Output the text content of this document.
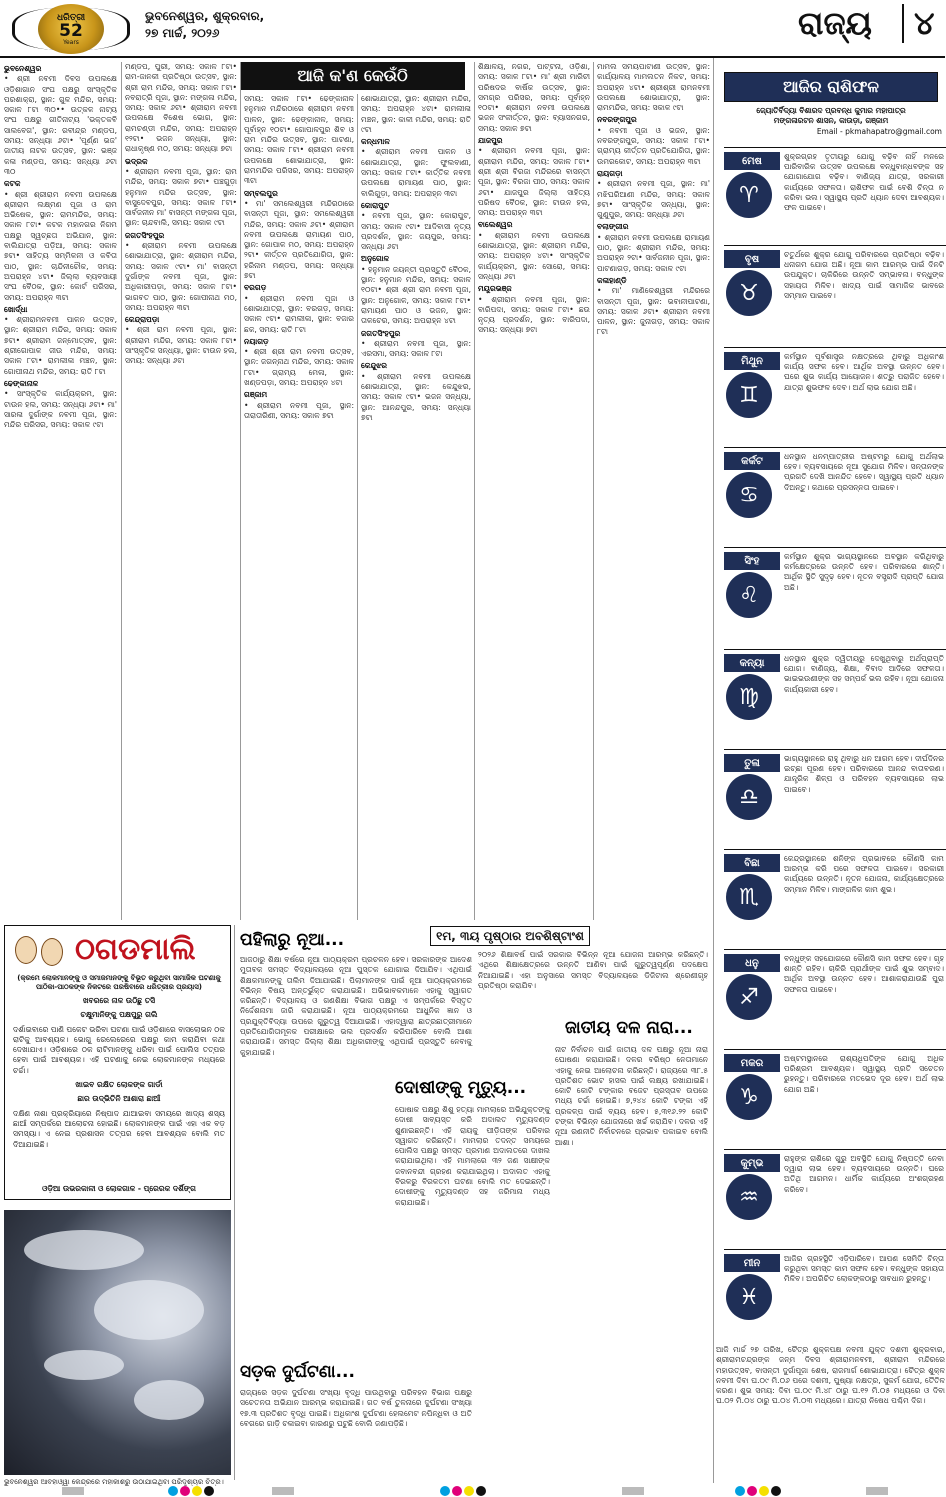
ଧରିତ୍ରୀ
52
Years
ଭୁବନେଶ୍ୱର, ଶୁକ୍ରବାର,
୨୭ ମାର୍ଚ୍ଚ, ୨୦୨୬	ରାଜ୍ୟ	୪
ଆଜି କ'ଣ କେଉଁଠି
ଭୁବନେଶ୍ୱର
• ଶ୍ରୀ ନବମୀ ଦିବସ ଉପଲକ୍ଷେ ଓଡ଼ିଶାଗାନ ସଂଘ ପକ୍ଷରୁ ସାଂସ୍କୃତିକ ପରଶାକ୍ରା, ସ୍ଥାନ: ଗୁଳ ମନ୍ଦିର, ସମୟ: ସକାଳ ୮ଟା ୩୦•• ଉତ୍କଳ ନାଟ୍ୟ ସଂଘ ପକ୍ଷରୁ ଗୀତିନାଟ୍ୟ 'ଭକ୍ତକବି ସାଲବେଗ', ସ୍ଥାନ: ରବୀନ୍ଦ୍ର ମଣ୍ଡପ, ସମୟ: ସନ୍ଧ୍ୟା ୬ଟା• 'ପୂର୍ଣ୍ଣ ଭଜ' ଜାତୀୟ ନାଟକ ଉତ୍ସବ, ସ୍ଥାନ: ଭଞ୍ଜ କଳା ମଣ୍ଡପ, ସମୟ: ସନ୍ଧ୍ୟା ୬ଟା ୩୦
କଟକ
• ଶ୍ରୀ ଶ୍ରୀରାମ ନବମୀ ଉପଲକ୍ଷେ ଶ୍ରୀରାମ ଲକ୍ଷ୍ମଣ ପୂଜା ଓ ରାମ ଅଭିଷେକ, ସ୍ଥାନ: ରାମମନ୍ଦିର, ସମୟ: ସକାଳ ୮ଟା• କଟକ ମହାନଗର ନିଗମ ପକ୍ଷରୁ ସ୍ୱଚ୍ଛତା ଅଭିଯାନ, ସ୍ଥାନ: ବାଲିଯାତ୍ରା ପଡ଼ିଆ, ସମୟ: ସକାଳ ୭ଟା• ସାହିତ୍ୟ ସମ୍ମିଳନୀ ଓ କବିତା ପାଠ, ସ୍ଥାନ: ଚାନ୍ଦିନୀଚୌକ, ସମୟ: ଅପରାହ୍ନ ୪ଟା• ଜିଲ୍ଲା ବ୍ୟବସାୟୀ ସଂଘ ବୈଠକ, ସ୍ଥାନ: କୋର୍ଟ ପରିସର, ସମୟ: ଅପରାହ୍ନ ୩ଟା
ଖୋର୍ଦ୍ଧା
• ଶ୍ରୀରାମନବମୀ ପାଳନ ଉତ୍ସବ, ସ୍ଥାନ: ଶ୍ରୀରାମ ମନ୍ଦିର, ସମୟ: ସକାଳ ୭ଟା• ଶ୍ରୀରାମ ଜନ୍ମୋତ୍ସବ, ସ୍ଥାନ: ଶ୍ରୀଗୋପାଳ ଜୀଉ ମନ୍ଦିର, ସମୟ: ସକାଳ ୮ଟା• ରାମଲୀଳା ମଞ୍ଚନ, ସ୍ଥାନ: ଗୋପୀନାଥ ମନ୍ଦିର, ସମୟ: ରାତି ୮ଟା
ଢେଙ୍କାନାଳ
• ସାଂସ୍କୃତିକ କାର୍ଯ୍ୟକ୍ରମ, ସ୍ଥାନ: ଟାଉନ ହଲ, ସମୟ: ସନ୍ଧ୍ୟା ୬ଟା• ମା' ସାରଳା ଦୁର୍ଗାଙ୍କ ନବମୀ ପୂଜା, ସ୍ଥାନ: ମନ୍ଦିର ପରିସର, ସମୟ: ସକାଳ ୯ଟା
ମଣ୍ଡପ, ପୁରୀ, ସମୟ: ସକାଳ ୮ଟା• ରାମ-ଜାନକୀ ପ୍ରତିଷ୍ଠା ଉତ୍ସବ, ସ୍ଥାନ: ଶ୍ରୀ ରାମ ମନ୍ଦିର, ସମୟ: ସକାଳ ୮ଟା• ନବରାତ୍ରି ପୂଜା, ସ୍ଥାନ: ମଙ୍ଗଳା ମନ୍ଦିର, ସମୟ: ସକାଳ ୬ଟା• ଶ୍ରୀରାମ ନବମୀ ଉପଲକ୍ଷେ ବିଶେଷ ଭୋଗ, ସ୍ଥାନ: ରାମଚଣ୍ଡୀ ମନ୍ଦିର, ସମୟ: ଅପରାହ୍ନ ୧୨ଟା• ଭଜନ ସନ୍ଧ୍ୟା, ସ୍ଥାନ: ରାଧାକୃଷ୍ଣ ମଠ, ସମୟ: ସନ୍ଧ୍ୟା ୭ଟା
ଭଦ୍ରକ
• ଶ୍ରୀରାମ ନବମୀ ପୂଜା, ସ୍ଥାନ: ରାମ ମନ୍ଦିର, ସମୟ: ସକାଳ ୭ଟା• ପଞ୍ଚଗୁଡ଼ା ହନୁମାନ ମନ୍ଦିର ଉତ୍ସବ, ସ୍ଥାନ: ବାସୁଦେବପୁର, ସମୟ: ସକାଳ ୮ଟା• ସାର୍ବଜନୀନ ମା' ବାସନ୍ତୀ ମଙ୍ଗଳା ପୂଜା, ସ୍ଥାନ: ଚାନ୍ଦବାଲି, ସମୟ: ସକାଳ ୯ଟା
ଜଗତସିଂହପୁର
• ଶ୍ରୀରାମ ନବମୀ ଉପଲକ୍ଷେ ଶୋଭାଯାତ୍ରା, ସ୍ଥାନ: ଶ୍ରୀରାମ ମନ୍ଦିର, ସମୟ: ସକାଳ ୯ଟା• ମା' ବାସନ୍ତୀ ଦୁର୍ଗାଙ୍କ ନବମୀ ପୂଜା, ସ୍ଥାନ: ଅଧିକାରୀପଡ଼ା, ସମୟ: ସକାଳ ୮ଟା• ଭାଗବତ ପାଠ, ସ୍ଥାନ: ଗୋପୀନାଥ ମଠ, ସମୟ: ଅପରାହ୍ନ ୩ଟା
କେନ୍ଦ୍ରାପଡ଼ା
• ଶ୍ରୀ ରାମ ନବମୀ ପୂଜା, ସ୍ଥାନ: ଶ୍ରୀରାମ ମନ୍ଦିର, ସମୟ: ସକାଳ ୮ଟା• ସାଂସ୍କୃତିକ ସନ୍ଧ୍ୟା, ସ୍ଥାନ: ଟାଉନ ହଲ, ସମୟ: ସନ୍ଧ୍ୟା ୬ଟା
ସମୟ: ସକାଳ ୮ଟା• ଢେଙ୍କାନାଳ ହନୁମାନ ମନ୍ଦିରଠାରେ ଶ୍ରୀରାମ ନବମୀ ପାଳନ, ସ୍ଥାନ: ଢେଙ୍କାନାଳ, ସମୟ: ପୂର୍ବାହ୍ନ ୧୦ଟା• ଗୋପାଳପୁର ଶିବ ଓ ରାମ ମନ୍ଦିର ଉତ୍ସବ, ସ୍ଥାନ: ପାଟଣା, ସମୟ: ସକାଳ ୮ଟା• ଶ୍ରୀରାମ ନବମୀ ଉପଲକ୍ଷେ ଶୋଭାଯାତ୍ରା, ସ୍ଥାନ: ରାମମନ୍ଦିର ପରିସର, ସମୟ: ଅପରାହ୍ନ ୩ଟା
ସମ୍ବଲପୁର
• ମା' ସମଲେଶ୍ୱରୀ ମନ୍ଦିରଠାରେ ବାସନ୍ତୀ ପୂଜା, ସ୍ଥାନ: ସମଲେଶ୍ୱରୀ ମନ୍ଦିର, ସମୟ: ସକାଳ ୬ଟା• ଶ୍ରୀରାମ ନବମୀ ଉପଲକ୍ଷେ ରାମାୟଣ ପାଠ, ସ୍ଥାନ: ଗୋପାଳ ମଠ, ସମୟ: ଅପରାହ୍ନ ୨ଟା• କୀର୍ତ୍ତନ ପ୍ରତିଯୋଗିତା, ସ୍ଥାନ: ହରିନାମ ମଣ୍ଡପ, ସମୟ: ସନ୍ଧ୍ୟା ୭ଟା
ବରଗଡ଼
• ଶ୍ରୀରାମ ନବମୀ ପୂଜା ଓ ଶୋଭାଯାତ୍ରା, ସ୍ଥାନ: ବରଗଡ଼, ସମୟ: ସକାଳ ୯ଟା• ରାମଲୀଳା, ସ୍ଥାନ: ବଜାର ଛକ, ସମୟ: ରାତି ୮ଟା
ନୟାଗଡ଼
• ଶ୍ରୀ ଶ୍ରୀ ରାମ ନବମୀ ଉତ୍ସବ, ସ୍ଥାନ: ଜଗନ୍ନାଥ ମନ୍ଦିର, ସମୟ: ସକାଳ ୮ଟା• ଗ୍ରାମ୍ୟ ମେଳା, ସ୍ଥାନ: ଖଣ୍ଡପଡ଼ା, ସମୟ: ଅପରାହ୍ନ ୪ଟା
ଗଞ୍ଜାମ
• ଶ୍ରୀରାମ ନବମୀ ପୂଜା, ସ୍ଥାନ: ତାରାତାରିଣୀ, ସମୟ: ସକାଳ ୭ଟା
ଶୋଭାଯାତ୍ରା, ସ୍ଥାନ: ଶ୍ରୀରାମ ମନ୍ଦିର, ସମୟ: ଅପରାହ୍ନ ୪ଟା• ରାମଲୀଳା ମଞ୍ଚନ, ସ୍ଥାନ: କାଳୀ ମନ୍ଦିର, ସମୟ: ରାତି ୯ଟା
କନ୍ଧମାଳ
• ଶ୍ରୀରାମ ନବମୀ ପାଳନ ଓ ଶୋଭାଯାତ୍ରା, ସ୍ଥାନ: ଫୁଲବାଣୀ, ସମୟ: ସକାଳ ୮ଟା• କାର୍ତ୍ତିକ ନବମୀ ଉପଲକ୍ଷେ ରାମାୟଣ ପାଠ, ସ୍ଥାନ: ବାଲିଗୁଡ଼ା, ସମୟ: ଅପରାହ୍ନ ୩ଟା
କୋରାପୁଟ
• ନବମୀ ପୂଜା, ସ୍ଥାନ: କୋରାପୁଟ, ସମୟ: ସକାଳ ୯ଟା• ଆଦିବାସୀ ନୃତ୍ୟ ପ୍ରଦର୍ଶନ, ସ୍ଥାନ: ଜୟପୁର, ସମୟ: ସନ୍ଧ୍ୟା ୬ଟା
ଅନୁଗୋଳ
• ହନୁମାନ ଜୟନ୍ତୀ ପ୍ରସ୍ତୁତି ବୈଠକ, ସ୍ଥାନ: ହନୁମାନ ମନ୍ଦିର, ସମୟ: ସକାଳ ୧୦ଟା• ଶ୍ରୀ ଶ୍ରୀ ରାମ ନବମୀ ପୂଜା, ସ୍ଥାନ: ଅନୁଗୋଳ, ସମୟ: ସକାଳ ୮ଟା• ରାମାୟଣ ପାଠ ଓ ଭଜନ, ସ୍ଥାନ: ତାଳଚେର, ସମୟ: ଅପରାହ୍ନ ୪ଟା
ଜଗତସିଂହପୁର
• ଶ୍ରୀରାମ ନବମୀ ପୂଜା, ସ୍ଥାନ: ଏରସମା, ସମୟ: ସକାଳ ୮ଟା
କେନ୍ଦୁଝର
• ଶ୍ରୀରାମ ନବମୀ ଉପଲକ୍ଷେ ଶୋଭାଯାତ୍ରା, ସ୍ଥାନ: କେନ୍ଦୁଝର, ସମୟ: ସକାଳ ୯ଟା• ଭଜନ ସନ୍ଧ୍ୟା, ସ୍ଥାନ: ଆନନ୍ଦପୁର, ସମୟ: ସନ୍ଧ୍ୟା ୭ଟା
ଶିକ୍ଷାଳୟ, ନଗର, ପାଟ୍ଟନା, ଓଡ଼ିଶା, ସମୟ: ସକାଳ ୮ଟା• ମା' ଶ୍ରୀ ମାରିଚୀ ପରିଷଦର ବାର୍ଷିକ ଉତ୍ସବ, ସ୍ଥାନ: ସମଗ୍ର ପରିସର, ସମୟ: ପୂର୍ବାହ୍ନ ୧୦ଟା• ଶ୍ରୀରାମ ନବମୀ ଉପଲକ୍ଷେ ଭଜନ ସଂକୀର୍ତ୍ତନ, ସ୍ଥାନ: ବ୍ୟାସନଗର, ସମୟ: ସକାଳ ୭ଟା
ଯାଜପୁର
• ଶ୍ରୀରାମ ନବମୀ ପୂଜା, ସ୍ଥାନ: ଶ୍ରୀରାମ ମନ୍ଦିର, ସମୟ: ସକାଳ ୮ଟା• ଶ୍ରୀ ଶ୍ରୀ ବିରଜା ମନ୍ଦିରରେ ବାସନ୍ତୀ ପୂଜା, ସ୍ଥାନ: ବିରଜା ପୀଠ, ସମୟ: ସକାଳ ୬ଟା• ଯାଜପୁର ଜିଲ୍ଲା ସାହିତ୍ୟ ପରିଷଦ ବୈଠକ, ସ୍ଥାନ: ଟାଉନ ହଲ, ସମୟ: ଅପରାହ୍ନ ୩ଟା
ବାଲେଶ୍ୱର
• ଶ୍ରୀରାମ ନବମୀ ଉପଲକ୍ଷେ ଶୋଭାଯାତ୍ରା, ସ୍ଥାନ: ଶ୍ରୀରାମ ମନ୍ଦିର, ସମୟ: ଅପରାହ୍ନ ୪ଟା• ସାଂସ୍କୃତିକ କାର୍ଯ୍ୟକ୍ରମ, ସ୍ଥାନ: ସୋରୋ, ସମୟ: ସନ୍ଧ୍ୟା ୬ଟା
ମୟୂରଭଞ୍ଜ
• ଶ୍ରୀରାମ ନବମୀ ପୂଜା, ସ୍ଥାନ: ବାରିପଦା, ସମୟ: ସକାଳ ୮ଟା• ଛଉ ନୃତ୍ୟ ପ୍ରଦର୍ଶନ, ସ୍ଥାନ: ବାରିପଦା, ସମୟ: ସନ୍ଧ୍ୟା ୭ଟା
ମାମଲ ସମୟପାଟାଣୀ ଉତ୍ସବ, ସ୍ଥାନ: କାର୍ଯ୍ୟାଳୟ ମାମଲତନ ନିକଟ, ସମୟ: ଅପରାହ୍ନ ୪ଟା• ଶ୍ରୀଶ୍ରୀ ରାମନବମୀ ଉପଲକ୍ଷେ ଶୋଭାଯାତ୍ରା, ସ୍ଥାନ: ରାମମନ୍ଦିର, ସମୟ: ସକାଳ ୯ଟା
ନବରଙ୍ଗପୁର
• ନବମୀ ପୂଜା ଓ ଭଜନ, ସ୍ଥାନ: ନବରଙ୍ଗପୁର, ସମୟ: ସକାଳ ୮ଟା• ଗ୍ରାମ୍ୟ କୀର୍ତ୍ତନ ପ୍ରତିଯୋଗିତା, ସ୍ଥାନ: ଉମରକୋଟ, ସମୟ: ଅପରାହ୍ନ ୩ଟା
ରାୟଗଡ଼ା
• ଶ୍ରୀରାମ ନବମୀ ପୂଜା, ସ୍ଥାନ: ମା' ମଝିଘରିଆଣୀ ମନ୍ଦିର, ସମୟ: ସକାଳ ୭ଟା• ସାଂସ୍କୃତିକ ସନ୍ଧ୍ୟା, ସ୍ଥାନ: ଗୁଣୁପୁର, ସମୟ: ସନ୍ଧ୍ୟା ୬ଟା
ବଲାଙ୍ଗୀର
• ଶ୍ରୀରାମ ନବମୀ ଉପଲକ୍ଷେ ରାମାୟଣ ପାଠ, ସ୍ଥାନ: ଶ୍ରୀରାମ ମନ୍ଦିର, ସମୟ: ଅପରାହ୍ନ ୨ଟା• ସାର୍ବଜନୀନ ପୂଜା, ସ୍ଥାନ: ପାଟଣାଗଡ଼, ସମୟ: ସକାଳ ୯ଟା
କଳାହାଣ୍ଡି
• ମା' ମାଣିକେଶ୍ୱରୀ ମନ୍ଦିରରେ ବାସନ୍ତୀ ପୂଜା, ସ୍ଥାନ: ଭବାନୀପାଟଣା, ସମୟ: ସକାଳ ୬ଟା• ଶ୍ରୀରାମ ନବମୀ ପାଳନ, ସ୍ଥାନ: ଜୁନାଗଡ଼, ସମୟ: ସକାଳ ୮ଟା
ଠଗଡମାଲି
(କ୍ରମେ ଲୋକମାନଙ୍କୁ ଓ ସମାଜମାନଙ୍କୁ ବିଭୂତ କରୁଥିବା ସାମାଜିକ ଘଟଣାକୁ ପାଠିକା-ପାଠକଙ୍କ ନିକଟରେ ପରଷିବାରେ ଧରିତ୍ରୀର ପ୍ରୟାସ)

ଖବରରେ ନାଳ ଉଠିଛୁ ତସି

ଚକ୍ଷୁମାନିଙ୍କୁ ପକ୍ଷପୁରୁ ଗଲି

ଦର୍ଶାଇବାରେ ପାଣି ପକେଟ ଭରିବା ଘଟଣା ପାଇଁ ଓଡ଼ିଶାରେ ବାସଲୋଭନ ଠକ ରାଟିକୁ ଆବଶ୍ୟକ। ଭୋଗୁ ରେଲେରେରେ ପକ୍ଷରୁ କାମ କରାଯିବା କଥା ଦେଖାଯାଏ। ଓଡ଼ିଶାରେ ଠକ ରାଟିମାନଙ୍କୁ ଧରିବା ପାଇଁ ପୋଲିସ ତତ୍ପର ହେବା ପାଇଁ ଆବଶ୍ୟକ। ଏହି ଘଟଣାକୁ ନେଇ ଲୋକମାନଙ୍କ ମଧ୍ୟରେ ଚର୍ଚ୍ଚା।

ଖାଇବ ରକ୍ଷିତ ଲୋକଙ୍କ ଗାର୍ଡା

ଛାର ଉଦ୍ଭିତିନି ଆଶାରା ଛାଆଁ

ଦକ୍ଷିଣ ନାଶା ପ୍ରକ୍ରିୟାରେ ନିଷ୍ପାଦ ଯାଆଇବା ସମୟରେ ଖାଦ୍ୟ ଶସ୍ୟ ଛାଆଁ ସମ୍ପର୍କରେ ଆଲୋଚନା ହୋଇଛି। ଲୋକମାନଙ୍କ ପାଇଁ ଏହା ଏକ ବଡ଼ ସମସ୍ୟା। ଏ ନେଇ ପ୍ରଶାସନ ତତ୍ପର ହେବା ଆବଶ୍ୟକ ବୋଲି ମତ ଦିଆଯାଇଛି।

ଓଡ଼ିଆ ଉଭରକାଳୀ ଓ ଲୋକଗାଳ - ପ୍ରେରକ ଦର୍ଶିଙ୍ଗ
ଭୁବନେଶ୍ୱର ଆବହାଓ୍ୱା କେନ୍ଦ୍ରରେ ମହାକାଶରୁ ଉଠାଯାଇଥିବା ପରିଦୃଶ୍ୟର ଚିତ୍ର।
୧ମ, ୩ୟ ପୃଷ୍ଠାର ଅବଶିଷ୍ଟାଂଶ
୨୦୨୬ ଶିକ୍ଷାବର୍ଷ ପାଇଁ ସରକାର ବିଭିନ୍ନ ନୂଆ ଯୋଜନା ଆରମ୍ଭ କରିଛନ୍ତି। ଏଥିରେ ଶିକ୍ଷାକ୍ଷେତ୍ରରେ ଉନ୍ନତି ଆଣିବା ପାଇଁ ଗୁରୁତ୍ୱପୂର୍ଣ୍ଣ ପଦକ୍ଷେପ ନିଆଯାଇଛି। ଏହା ଅନୁସାରେ ସମସ୍ତ ବିଦ୍ୟାଳୟରେ ଡିଜିଟାଲ ଶ୍ରେଣୀଗୃହ ପ୍ରତିଷ୍ଠା କରାଯିବ।
ପହିଲାରୁ ନୂଆ...
ଆଜଠାରୁ ଶିକ୍ଷା ବର୍ଷରେ ନୂଆ ପାଠ୍ୟକ୍ରମ ପ୍ରଚଳନ ହେବ। ସରକାରଙ୍କ ଆଦେଶ ମୁତାବକ ସମସ୍ତ ବିଦ୍ୟାଳୟରେ ନୂଆ ପୁସ୍ତକ ଯୋଗାଇ ଦିଆଯିବ। ଏଥିପାଇଁ ଶିକ୍ଷକମାନଙ୍କୁ ତାଲିମ ଦିଆଯାଇଛି। ପିଲାମାନଙ୍କ ପାଇଁ ନୂଆ ପାଠ୍ୟକ୍ରମରେ ବିଭିନ୍ନ ବିଷୟ ଅନ୍ତର୍ଭୁକ୍ତ କରାଯାଇଛି। ଅଭିଭାବକମାନେ ଏହାକୁ ସ୍ୱାଗତ କରିଛନ୍ତି। ବିଦ୍ୟାଳୟ ଓ ଗଣଶିକ୍ଷା ବିଭାଗ ପକ୍ଷରୁ ଏ ସମ୍ପର୍କରେ ବିସ୍ତୃତ ନିର୍ଦ୍ଦେଶନାମା ଜାରି କରାଯାଇଛି। ନୂଆ ପାଠ୍ୟକ୍ରମରେ ଆଧୁନିକ ଜ୍ଞାନ ଓ ପ୍ରଯୁକ୍ତିବିଦ୍ୟା ଉପରେ ଗୁରୁତ୍ୱ ଦିଆଯାଇଛି। ଏହାଦ୍ୱାରା ଛାତ୍ରଛାତ୍ରୀମାନେ ପ୍ରତିଯୋଗିତାମୂଳକ ପରୀକ୍ଷାରେ ଭଲ ପ୍ରଦର୍ଶନ କରିପାରିବେ ବୋଲି ଆଶା କରାଯାଉଛି। ସମସ୍ତ ଜିଲ୍ଲା ଶିକ୍ଷା ଅଧିକାରୀଙ୍କୁ ଏଥିପାଇଁ ପ୍ରସ୍ତୁତି ନେବାକୁ କୁହାଯାଇଛି।
ସଡ଼କ ଦୁର୍ଘଟଣା...
ରାଜ୍ୟରେ ସଡ଼କ ଦୁର୍ଘଟଣା ସଂଖ୍ୟା ବୃଦ୍ଧି ପାଉଥିବାରୁ ପରିବହନ ବିଭାଗ ପକ୍ଷରୁ ସଚେତନତା ଅଭିଯାନ ଆରମ୍ଭ କରାଯାଇଛି। ଗତ ବର୍ଷ ତୁଳନାରେ ଦୁର୍ଘଟଣା ସଂଖ୍ୟା ୧୭.୩ ପ୍ରତିଶତ ବୃଦ୍ଧି ପାଇଛି। ଅଧିକାଂଶ ଦୁର୍ଘଟଣା ହେଲମେଟ ନପିନ୍ଧିବା ଓ ଅତି ବେଗରେ ଗାଡ଼ି ଚଳାଇବା କାରଣରୁ ଘଟୁଛି ବୋଲି ଜଣାପଡ଼ିଛି।
ଦୋଷୀଙ୍କୁ ମୃତ୍ୟୁ...
ପୋଷାକ ପକ୍ଷରୁ ଶିଶୁ ହତ୍ୟା ମାମଲାରେ ଅଭିଯୁକ୍ତଙ୍କୁ ଦୋଷୀ ସାବ୍ୟସ୍ତ କରି ଅଦାଲତ ମୃତ୍ୟୁଦଣ୍ଡ ଶୁଣାଇଛନ୍ତି। ଏହି ରାୟକୁ ପୀଡ଼ିତାଙ୍କ ପରିବାର ସ୍ୱାଗତ କରିଛନ୍ତି। ମାମଲାର ତଦନ୍ତ ସମୟରେ ପୋଲିସ ପକ୍ଷରୁ ସମସ୍ତ ପ୍ରମାଣ ଅଦାଲତରେ ଦାଖଲ କରାଯାଇଥିଲା। ଏହି ମାମଲାରେ ୩୨ ଜଣ ସାକ୍ଷୀଙ୍କ ଜବାନବନ୍ଦୀ ଗ୍ରହଣ କରାଯାଇଥିଲା। ଅଦାଲତ ଏହାକୁ ବିରଳରୁ ବିରଳତମ ଘଟଣା ବୋଲି ମତ ଦେଇଛନ୍ତି। ଦୋଷୀଙ୍କୁ ମୃତ୍ୟୁଦଣ୍ଡ ସହ ଜରିମାନା ମଧ୍ୟ କରାଯାଇଛି।
ଜାତୀୟ ଦଳ ନାରା...
ନାଟ ନିର୍ବାଚନ ପାଇଁ ଜାତୀୟ ଦଳ ପକ୍ଷରୁ ନୂଆ ନାରା ଘୋଷଣା କରାଯାଇଛି। ଦଳର ବରିଷ୍ଠ ନେତାମାନେ ଏହାକୁ ନେଇ ଆଲୋଚନା କରିଛନ୍ତି। ରାଜ୍ୟରେ ୩୮.୫ ପ୍ରତିଶତ ଭୋଟ ହାସଲ ପାଇଁ ଲକ୍ଷ୍ୟ ରଖାଯାଇଛି। କୋଟି କୋଟି ଟଙ୍କାର ବଜେଟ ପ୍ରସ୍ତାବ ଉପରେ ମଧ୍ୟ ଚର୍ଚ୍ଚା ହୋଇଛି। ୭,୨୪୪ କୋଟି ଟଙ୍କା ଏହି ପ୍ରକଳ୍ପ ପାଇଁ ବ୍ୟୟ ହେବ। ୫,୩୧୬.୨୨ କୋଟି ଟଙ୍କା ବିଭିନ୍ନ ଯୋଜନାରେ ଖର୍ଚ୍ଚ କରାଯିବ। ଦଳର ଏହି ନୂଆ ରଣନୀତି ନିର୍ବାଚନରେ ପ୍ରଭାବ ପକାଇବ ବୋଲି ଆଶା।
ଆଜିର ରାଶିଫଳ
ଜ୍ୟୋତିର୍ବିଦ୍ୟା ବିଶାରଦ ପ୍ରବନ୍ଧ କୁମାର ମହାପାତ୍ର
ମଙ୍ଗଳାରଟନ ଶାସନ, କାଉଡ଼ା, ଗଞ୍ଜାମ
Email - pkmahapatro@gmail.com
ମେଷ
♈
ଶୁକ୍ରଗ୍ରହ ତୃତୀୟରୁ ଯୋଗୁ ବଢ଼ିବ ନାହିଁ ମନରେ ପାରିବାରିକ ଉତ୍ସବ ଉପଲକ୍ଷେ ବନ୍ଧୁବାନ୍ଧବଙ୍କ ସହ ଯୋଗାଯୋଗ ବଢ଼ିବ। ବାଣିଜ୍ୟ ଯାତ୍ରା, ସରକାରୀ କାର୍ଯ୍ୟରେ ସଫଳତା। ରାଶିଫଳ ପାଇଁ ବେଶି ଚିନ୍ତା ନ କରିବା ଭଲ। ସ୍ୱାସ୍ଥ୍ୟ ପ୍ରତି ଧ୍ୟାନ ଦେବା ଆବଶ୍ୟକ। ଫଳ ପାଇବେ।
ବୃଷ
♉
ଚତୁର୍ଥରେ ଶୁକ୍ର ଯୋଗୁ ପରିବାରରେ ପ୍ରତିଷ୍ଠା ବଢ଼ିବ। ଧନାଗମ ଯୋଗ ଅଛି। ନୂଆ କାମ ଆରମ୍ଭ ପାଇଁ ଦିନଟି ଉପଯୁକ୍ତ। ଚାକିରିରେ ଉନ୍ନତି ସମ୍ଭାବନା। ବନ୍ଧୁଙ୍କ ସହାୟତା ମିଳିବ। ଖାଦ୍ୟ ପାଇଁ ସାମାଜିକ ଭାବରେ ସମ୍ମାନ ପାଇବେ।
ମିଥୁନ
♊
କର୍ମସ୍ଥାନ ପୂର୍ବଶାସ୍ତ୍ର ନକ୍ଷତ୍ରରେ ଥିବାରୁ ଅଧିକାଂଶ କାର୍ଯ୍ୟ ସଫଳ ହେବ। ଆର୍ଥିକ ଅବସ୍ଥା ଉନ୍ନତ ହେବ। ଘରେ ଶୁଭ କାର୍ଯ୍ୟ ଆୟୋଜନ। ଶତ୍ରୁ ପରାଜିତ ହେବେ। ଯାତ୍ରା ଶୁଭଫଳ ଦେବ। ଅର୍ଥ ଲାଭ ଯୋଗ ଅଛି।
କର୍କଟ
♋
ଧନସ୍ଥାନ ଧନମ୍ପାତ୍ରୀର ଅଷ୍ଟମରୁ ଯୋଗୁ ଅର୍ଥଲାଭ ହେବ। ବ୍ୟବସାୟରେ ନୂଆ ସୁଯୋଗ ମିଳିବ। ସନ୍ତାନଙ୍କ ପ୍ରଗତି ଦେଖି ଆନନ୍ଦିତ ହେବେ। ସ୍ୱାସ୍ଥ୍ୟ ପ୍ରତି ଧ୍ୟାନ ଦିଅନ୍ତୁ। କଥାରେ ପ୍ରସନ୍ନତା ପାଇବେ।
ସିଂହ
♌
କର୍ମସ୍ଥାନ ଶୁକ୍ର ଭାଗ୍ୟସ୍ଥାନରେ ଅବସ୍ଥାନ କରିଥିବାରୁ କର୍ମକ୍ଷେତ୍ରରେ ଉନ୍ନତି ହେବ। ପରିବାରରେ ଶାନ୍ତି। ଆର୍ଥିକ ସ୍ଥିତି ସୁଦୃଢ଼ ହେବ। ନୂତନ ବସ୍ତ୍ରାଦି ପ୍ରାପ୍ତି ଯୋଗ ଅଛି।
କନ୍ୟା
♍
ଧନସ୍ଥାନ ଶୁକ୍ର ଦ୍ୱିତୀୟରୁ ଦେଖୁଥିବାରୁ ଅର୍ଥପ୍ରାପ୍ତି ଯୋଗ। ବାଣିଜ୍ୟ, ଶିକ୍ଷା, ବିବାଦ ଆଦିରେ ସଫଳତା। ଭାଇଭଉଣୀଙ୍କ ସହ ସମ୍ପର୍କ ଭଲ ରହିବ। ନୂଆ ଯୋଜନା କାର୍ଯ୍ୟକାରୀ ହେବ।
ତୁଳା
♎
ଭାଗ୍ୟସ୍ଥାନରେ ରାହୁ ଥିବାରୁ ଧନ ଆଗମ ହେବ। ଦୀର୍ଘଦିନର ଇଚ୍ଛା ପୂରଣ ହେବ। ପରିବାରରେ ଆନନ୍ଦ ବାତାବରଣ। ଯାନ୍ତ୍ରିକ ଶିଳ୍ପ ଓ ପରିବହନ ବ୍ୟବସାୟରେ ଲାଭ ପାଇବେ।
ବିଛା
♏
କେନ୍ଦ୍ରସ୍ଥାନରେ ଶନିଙ୍କ ପ୍ରଭାବରେ କୌଣସି କାମ ଆରମ୍ଭ କରି ପରେ ସଫଳତା ପାଇବେ। ସରକାରୀ କାର୍ଯ୍ୟରେ ଉନ୍ନତି। ନୂତନ ଯୋଜନା, କାର୍ଯ୍ୟକ୍ଷେତ୍ରରେ ସମ୍ମାନ ମିଳିବ। ମାଙ୍ଗଳିକ କାମ ଶୁଭ।
ଧନୁ
♐
ବନ୍ଧୁଙ୍କ ସହଯୋଗରେ କୌଣସି କାମ ସଫଳ ହେବ। ଗୃହ ଶାନ୍ତି ରହିବ। ଚାକିରି ପ୍ରାର୍ଥୀଙ୍କ ପାଇଁ ଶୁଭ ସମ୍ବାଦ। ଆର୍ଥିକ ଅବସ୍ଥା ଉନ୍ନତ ହେବ। ଆଶାକରାଯାଉଛି ପୁରା ସଫଳତା ପାଇବେ।
ମକର
♑
ଅଷ୍ଟମସ୍ଥାନରେ ରାଶ୍ୟଧିପତିଙ୍କ ଯୋଗୁ ଅଧିକ ପରିଶ୍ରମ ଆବଶ୍ୟକ। ସ୍ୱାସ୍ଥ୍ୟ ପ୍ରତି ସଚେତନ ରୁହନ୍ତୁ। ପରିବାରରେ ମତଭେଦ ଦୂର ହେବ। ଅର୍ଥ ଲାଭ ଯୋଗ ଅଛି।
କୁମ୍ଭ
♒
ରାହୁଙ୍କ ରାଶିରେ ଗୁରୁ ଅବସ୍ଥିତି ଯୋଗୁ ନିଷ୍ପତ୍ତି ନେବା ଦ୍ୱାରା ଲାଭ ହେବ। ବ୍ୟବସାୟରେ ଉନ୍ନତି। ଘରେ ଅତିଥି ଆଗମନ। ଧାର୍ମିକ କାର୍ଯ୍ୟରେ ଅଂଶଗ୍ରହଣ କରିବେ।
ମୀନ
♓
ଆଜିର ଗ୍ରହସ୍ଥିତି ଏଡ଼ିପାରିବେ। ଆପଣ ସେମିତି ଚିନ୍ତା କରୁଥିବା ସମସ୍ତ କାମ ସଫଳ ହେବ। ବନ୍ଧୁଙ୍କ ସହାୟତା ମିଳିବ। ଅପରିଚିତ ଲୋକଙ୍କଠାରୁ ସାବଧାନ ରୁହନ୍ତୁ।
ଆଜି ମାର୍ଚ୍ଚ ୨୭ ତାରିଖ, ଚୈତ୍ର ଶୁକ୍ଳପକ୍ଷ ନବମୀ ଯୁକ୍ତ ଦଶମୀ ଶୁକ୍ରବାର, ଶ୍ରୀରାମଚନ୍ଦ୍ରଙ୍କ ଜନ୍ମ ଦିବସ ଶ୍ରୀରାମନବମୀ, ଶ୍ରୀରାମ ମନ୍ଦିରରେ ମହାଉତ୍ସବ, ବାସନ୍ତୀ ଦୁର୍ଗାପୂଜା ଶେଷ, ରାଜମାର୍ଗ ଶୋଭାଯାତ୍ରା। ଚୈତ୍ର ଶୁକ୍ଳ ନବମୀ ଦିବା ଘ.୦୯ ମି.୦୬ ପରେ ଦଶମୀ, ପୁଷ୍ୟା ନକ୍ଷତ୍ର, ସୁକର୍ମ ଯୋଗ, ତୈତିଳ କରଣ। ଶୁଭ ସମୟ: ଦିବା ଘ.୦୯ ମି.୪୮ ଠାରୁ ଘ.୧୨ ମି.୦୫ ମଧ୍ୟରେ ଓ ଦିବା ଘ.୦୨ ମି.୦୪ ଠାରୁ ଘ.୦୪ ମି.୦୩ ମଧ୍ୟରେ। ଯାତ୍ରା ନିଷେଧ ପଶ୍ଚିମ ଦିଗ।
